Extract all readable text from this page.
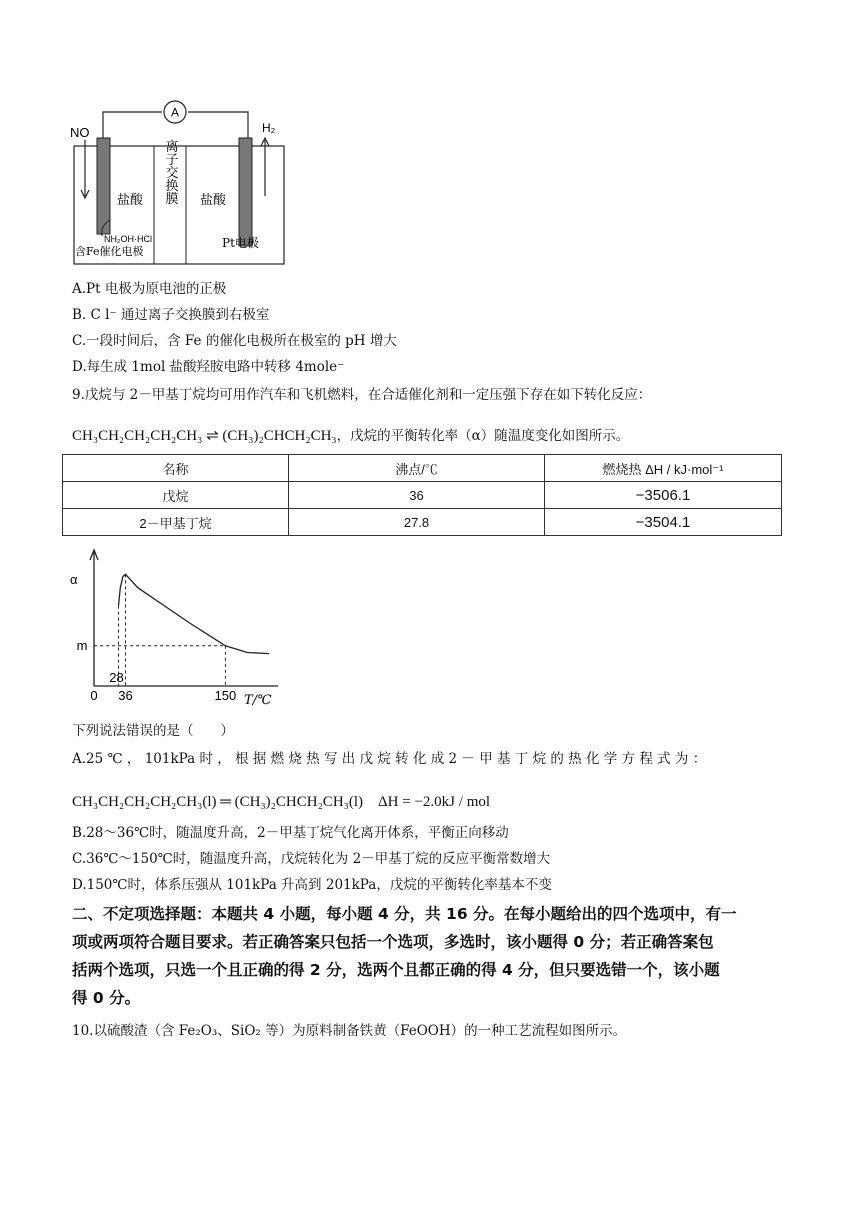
A
NO	H₂
盐酸	盐酸
离子交换膜
NH₂OH·HCl
含Fe催化电极
Pt电极
A.Pt 电极为原电池的正极
B. C l⁻ 通过离子交换膜到右极室
C.一段时间后，含 Fe 的催化电极所在极室的 pH 增大
D.每生成 1mol 盐酸羟胺电路中转移 4mole⁻
9.戊烷与 2－甲基丁烷均可用作汽车和飞机燃料，在合适催化剂和一定压强下存在如下转化反应：
CH₃CH₂CH₂CH₂CH₃ ⇌ (CH₃)₂CHCH₂CH₃，戊烷的平衡转化率（α）随温度变化如图所示。
名称	沸点/℃	燃烧热 ΔH / kJ·mol⁻¹
戊烷	36	−3506.1
2－甲基丁烷	27.8	−3504.1
α
T/℃
0
28
36	150
m
下列说法错误的是（　　）
A.25 ℃ ， 101kPa 时 ， 根 据 燃 烧 热 写 出 戊 烷 转 化 成 2 － 甲 基 丁 烷 的 热 化 学 方 程 式 为 ：
CH₃CH₂CH₂CH₂CH₃(l) ═ (CH₃)₂CHCH₂CH₃(l)　ΔH = −2.0kJ / mol
B.28～36℃时，随温度升高，2－甲基丁烷气化离开体系，平衡正向移动
C.36℃～150℃时，随温度升高，戊烷转化为 2－甲基丁烷的反应平衡常数增大
D.150℃时，体系压强从 101kPa 升高到 201kPa，戊烷的平衡转化率基本不变
二、不定项选择题：本题共 4 小题，每小题 4 分，共 16 分。在每小题给出的四个选项中，有一
项或两项符合题目要求。若正确答案只包括一个选项，多选时，该小题得 0 分；若正确答案包
括两个选项，只选一个且正确的得 2 分，选两个且都正确的得 4 分，但只要选错一个，该小题
得 0 分。
10.以硫酸渣（含 Fe₂O₃、SiO₂ 等）为原料制备铁黄（FeOOH）的一种工艺流程如图所示。
